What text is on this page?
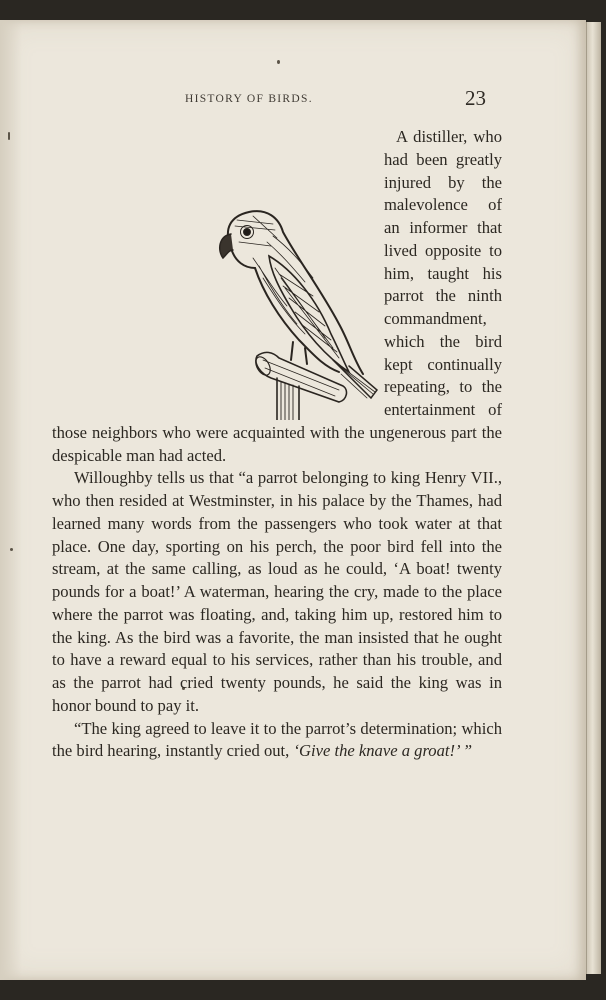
HISTORY OF BIRDS.	23

A distiller, who had been greatly injured by the malevolence of an informer that lived opposite to him, taught his parrot the ninth commandment, which the bird kept continually repeating, to the entertainment of those neighbors who were acquainted with the ungenerous part the despicable man had acted.

Willoughby tells us that “a parrot belonging to king Henry VII., who then resided at Westminster, in his palace by the Thames, had learned many words from the passengers who took water at that place. One day, sporting on his perch, the poor bird fell into the stream, at the same calling, as loud as he could, ‘A boat! twenty pounds for a boat!’ A waterman, hearing the cry, made to the place where the parrot was floating, and, taking him up, restored him to the king. As the bird was a favorite, the man insisted that he ought to have a reward equal to his services, rather than his trouble, and as the parrot had cried twenty pounds, he said the king was in honor bound to pay it.

“The king agreed to leave it to the parrot’s determination; which the bird hearing, instantly cried out, ‘Give the knave a groat!’ ”
